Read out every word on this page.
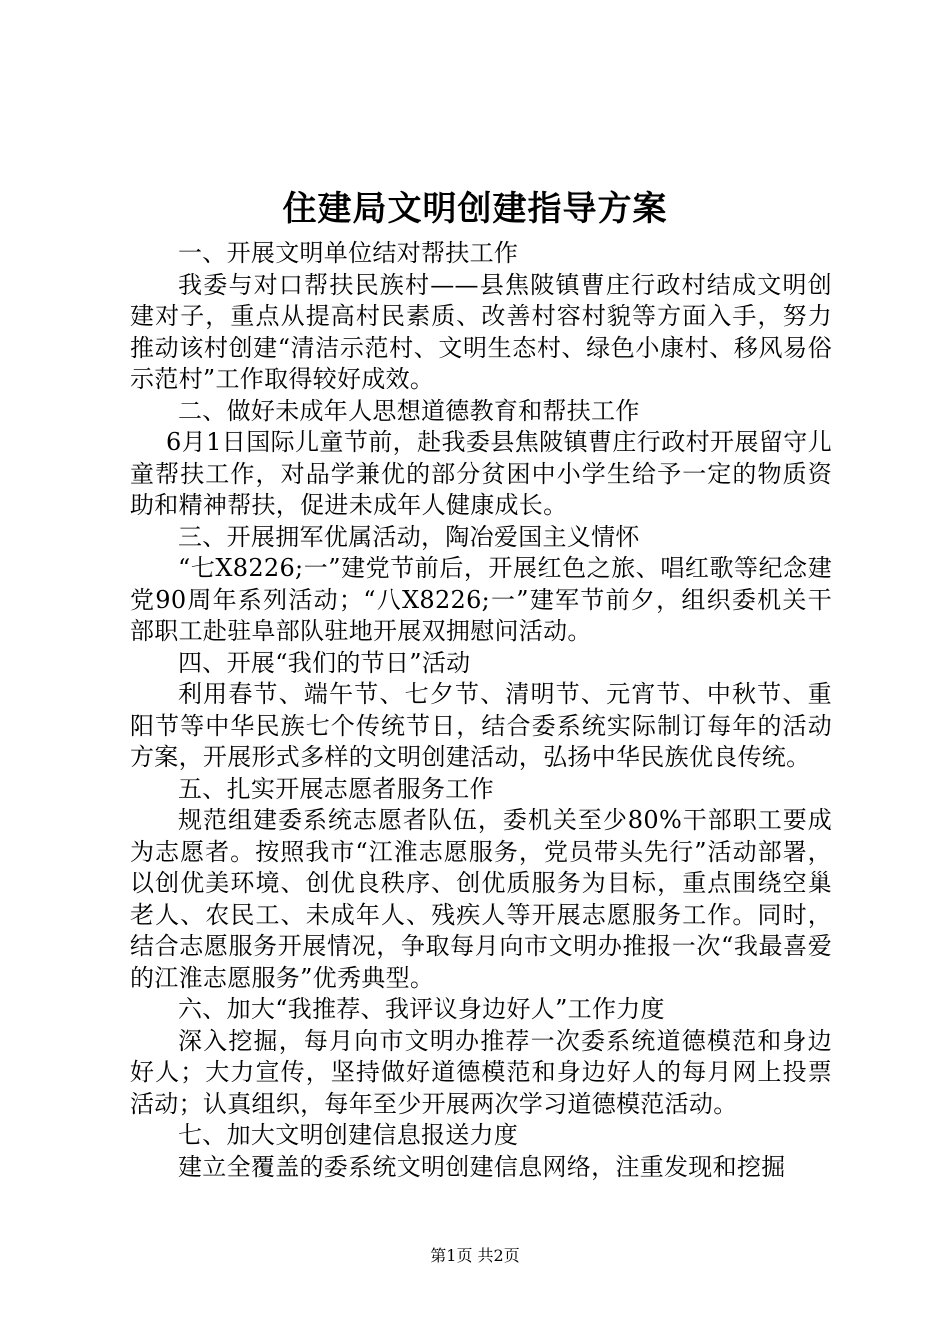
住建局文明创建指导方案

一、开展文明单位结对帮扶工作

我委与对口帮扶民族村——县焦陂镇曹庄行政村结成文明创建对子，重点从提高村民素质、改善村容村貌等方面入手，努力推动该村创建“清洁示范村、文明生态村、绿色小康村、移风易俗示范村”工作取得较好成效。

二、做好未成年人思想道德教育和帮扶工作

6月1日国际儿童节前，赴我委县焦陂镇曹庄行政村开展留守儿童帮扶工作，对品学兼优的部分贫困中小学生给予一定的物质资助和精神帮扶，促进未成年人健康成长。

三、开展拥军优属活动，陶冶爱国主义情怀

“七X8226;一”建党节前后，开展红色之旅、唱红歌等纪念建党90周年系列活动；“八X8226;一”建军节前夕，组织委机关干部职工赴驻阜部队驻地开展双拥慰问活动。

四、开展“我们的节日”活动

利用春节、端午节、七夕节、清明节、元宵节、中秋节、重阳节等中华民族七个传统节日，结合委系统实际制订每年的活动方案，开展形式多样的文明创建活动，弘扬中华民族优良传统。

五、扎实开展志愿者服务工作

规范组建委系统志愿者队伍，委机关至少80%干部职工要成为志愿者。按照我市“江淮志愿服务，党员带头先行”活动部署，以创优美环境、创优良秩序、创优质服务为目标，重点围绕空巢老人、农民工、未成年人、残疾人等开展志愿服务工作。同时，结合志愿服务开展情况，争取每月向市文明办推报一次“我最喜爱的江淮志愿服务”优秀典型。

六、加大“我推荐、我评议身边好人”工作力度

深入挖掘，每月向市文明办推荐一次委系统道德模范和身边好人；大力宣传，坚持做好道德模范和身边好人的每月网上投票活动；认真组织，每年至少开展两次学习道德模范活动。

七、加大文明创建信息报送力度

建立全覆盖的委系统文明创建信息网络，注重发现和挖掘

第1页 共2页
